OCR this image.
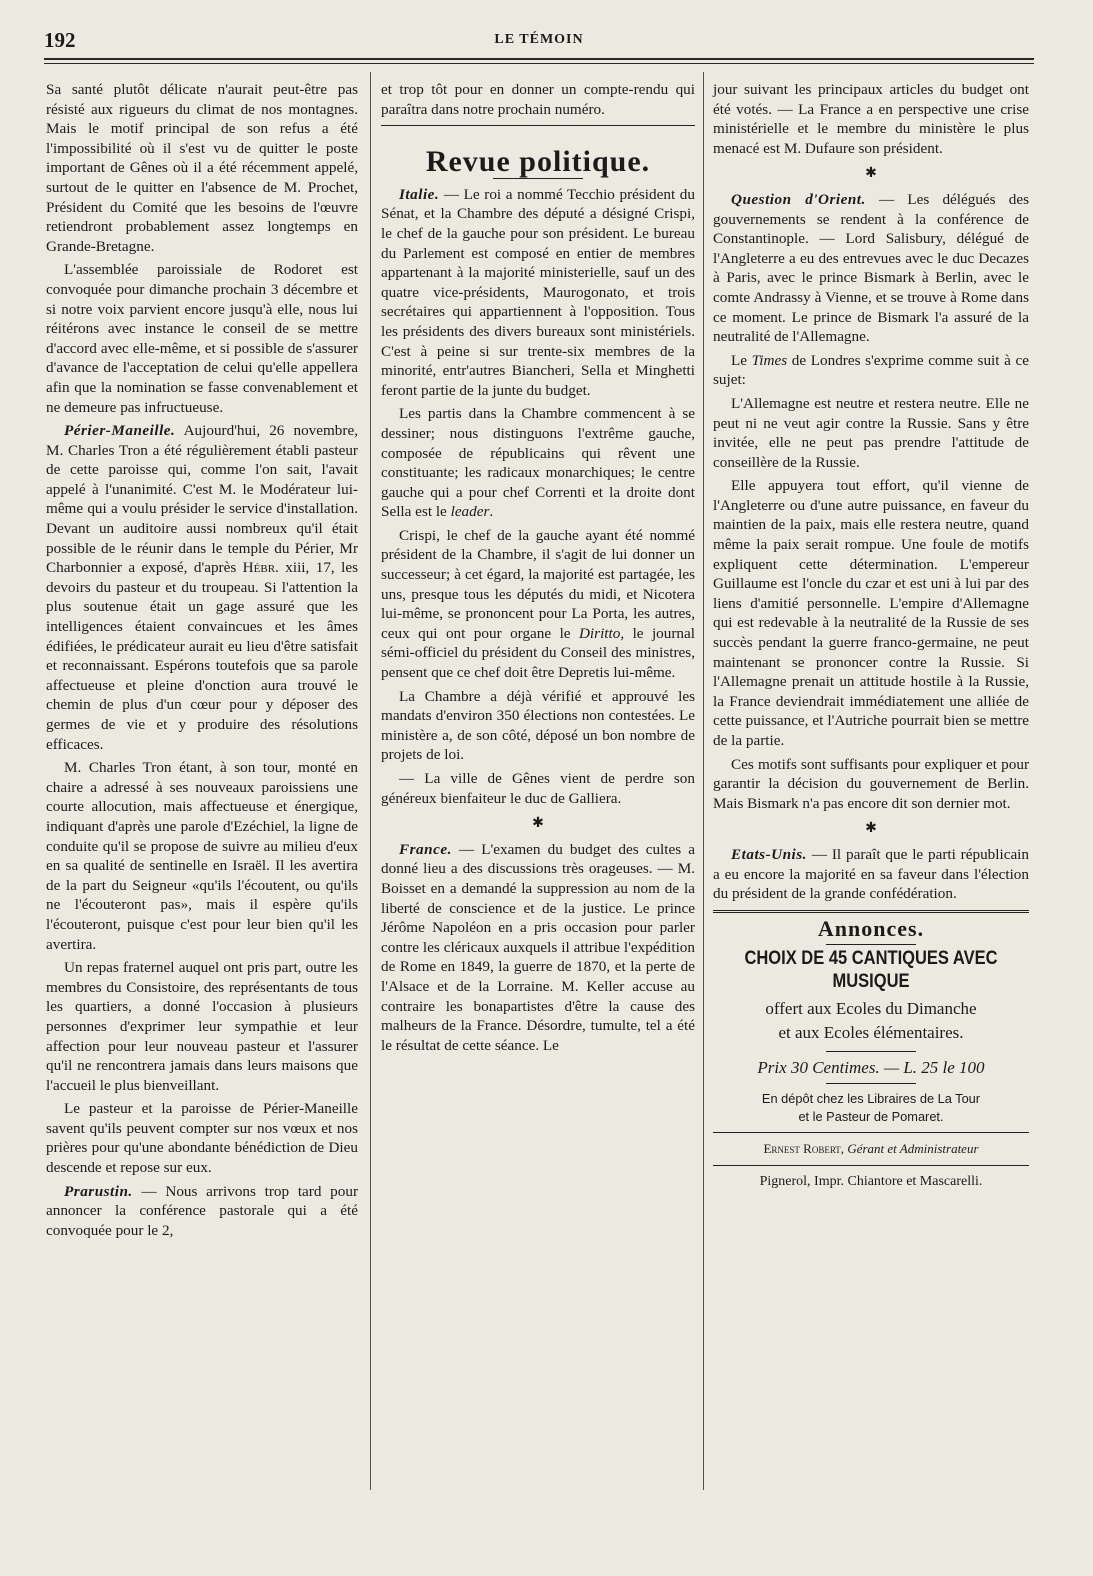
192	LE TÉMOIN

Sa santé plutôt délicate n'aurait peut-être pas résisté aux rigueurs du climat de nos montagnes. Mais le motif principal de son refus a été l'impossibilité où il s'est vu de quitter le poste important de Gênes où il a été récemment appelé, surtout de le quitter en l'absence de M. Prochet, Président du Comité que les besoins de l'œuvre retiendront probablement assez longtemps en Grande-Bretagne.

L'assemblée paroissiale de Rodoret est convoquée pour dimanche prochain 3 décembre et si notre voix parvient encore jusqu'à elle, nous lui réitérons avec instance le conseil de se mettre d'accord avec elle-même, et si possible de s'assurer d'avance de l'acceptation de celui qu'elle appellera afin que la nomination se fasse convenablement et ne demeure pas infructueuse.

Périer-Maneille. Aujourd'hui, 26 novembre, M. Charles Tron a été régulièrement établi pasteur de cette paroisse qui, comme l'on sait, l'avait appelé à l'unanimité. C'est M. le Modérateur lui-même qui a voulu présider le service d'installation. Devant un auditoire aussi nombreux qu'il était possible de le réunir dans le temple du Périer, Mr Charbonnier a exposé, d'après Hébr. xiii, 17, les devoirs du pasteur et du troupeau. Si l'attention la plus soutenue était un gage assuré que les intelligences étaient convaincues et les âmes édifiées, le prédicateur aurait eu lieu d'être satisfait et reconnaissant. Espérons toutefois que sa parole affectueuse et pleine d'onction aura trouvé le chemin de plus d'un cœur pour y déposer des germes de vie et y produire des résolutions efficaces.

M. Charles Tron étant, à son tour, monté en chaire a adressé à ses nouveaux paroissiens une courte allocution, mais affectueuse et énergique, indiquant d'après une parole d'Ezéchiel, la ligne de conduite qu'il se propose de suivre au milieu d'eux en sa qualité de sentinelle en Israël. Il les avertira de la part du Seigneur «qu'ils l'écoutent, ou qu'ils ne l'écouteront pas», mais il espère qu'ils l'écouteront, puisque c'est pour leur bien qu'il les avertira.

Un repas fraternel auquel ont pris part, outre les membres du Consistoire, des représentants de tous les quartiers, a donné l'occasion à plusieurs personnes d'exprimer leur sympathie et leur affection pour leur nouveau pasteur et l'assurer qu'il ne rencontrera jamais dans leurs maisons que l'accueil le plus bienveillant.

Le pasteur et la paroisse de Périer-Maneille savent qu'ils peuvent compter sur nos vœux et nos prières pour qu'une abondante bénédiction de Dieu descende et repose sur eux.

Prarustin. — Nous arrivons trop tard pour annoncer la conférence pastorale qui a été convoquée pour le 2,

et trop tôt pour en donner un compte-rendu qui paraîtra dans notre prochain numéro.

Revue politique.

Italie. — Le roi a nommé Tecchio président du Sénat, et la Chambre des député a désigné Crispi, le chef de la gauche pour son président. Le bureau du Parlement est composé en entier de membres appartenant à la majorité ministerielle, sauf un des quatre vice-présidents, Maurogonato, et trois secrétaires qui appartiennent à l'opposition. Tous les présidents des divers bureaux sont ministériels. C'est à peine si sur trente-six membres de la minorité, entr'autres Biancheri, Sella et Minghetti feront partie de la junte du budget.

Les partis dans la Chambre commencent à se dessiner; nous distinguons l'extrême gauche, composée de républicains qui rêvent une constituante; les radicaux monarchiques; le centre gauche qui a pour chef Correnti et la droite dont Sella est le leader.

Crispi, le chef de la gauche ayant été nommé président de la Chambre, il s'agit de lui donner un successeur; à cet égard, la majorité est partagée, les uns, presque tous les députés du midi, et Nicotera lui-même, se prononcent pour La Porta, les autres, ceux qui ont pour organe le Diritto, le journal sémi-officiel du président du Conseil des ministres, pensent que ce chef doit être Depretis lui-même.

La Chambre a déjà vérifié et approuvé les mandats d'environ 350 élections non contestées. Le ministère a, de son côté, déposé un bon nombre de projets de loi.

— La ville de Gênes vient de perdre son généreux bienfaiteur le duc de Galliera.

✱

France. — L'examen du budget des cultes a donné lieu a des discussions très orageuses. — M. Boisset en a demandé la suppression au nom de la liberté de conscience et de la justice. Le prince Jérôme Napoléon en a pris occasion pour parler contre les cléricaux auxquels il attribue l'expédition de Rome en 1849, la guerre de 1870, et la perte de l'Alsace et de la Lorraine. M. Keller accuse au contraire les bonapartistes d'être la cause des malheurs de la France. Désordre, tumulte, tel a été le résultat de cette séance. Le

jour suivant les principaux articles du budget ont été votés. — La France a en perspective une crise ministérielle et le membre du ministère le plus menacé est M. Dufaure son président.

✱

Question d'Orient. — Les délégués des gouvernements se rendent à la conférence de Constantinople. — Lord Salisbury, délégué de l'Angleterre a eu des entrevues avec le duc Decazes à Paris, avec le prince Bismark à Berlin, avec le comte Andrassy à Vienne, et se trouve à Rome dans ce moment. Le prince de Bismark l'a assuré de la neutralité de l'Allemagne.

Le Times de Londres s'exprime comme suit à ce sujet:

L'Allemagne est neutre et restera neutre. Elle ne peut ni ne veut agir contre la Russie. Sans y être invitée, elle ne peut pas prendre l'attitude de conseillère de la Russie.

Elle appuyera tout effort, qu'il vienne de l'Angleterre ou d'une autre puissance, en faveur du maintien de la paix, mais elle restera neutre, quand même la paix serait rompue. Une foule de motifs expliquent cette détermination. L'empereur Guillaume est l'oncle du czar et est uni à lui par des liens d'amitié personnelle. L'empire d'Allemagne qui est redevable à la neutralité de la Russie de ses succès pendant la guerre franco-germaine, ne peut maintenant se prononcer contre la Russie. Si l'Allemagne prenait un attitude hostile à la Russie, la France deviendrait immédiatement une alliée de cette puissance, et l'Autriche pourrait bien se mettre de la partie.

Ces motifs sont suffisants pour expliquer et pour garantir la décision du gouvernement de Berlin. Mais Bismark n'a pas encore dit son dernier mot.

✱

Etats-Unis. — Il paraît que le parti républicain a eu encore la majorité en sa faveur dans l'élection du président de la grande confédération.

Annonces.
CHOIX DE 45 CANTIQUES AVEC MUSIQUE
offert aux Ecoles du Dimanche
et aux Ecoles élémentaires.
Prix 30 Centimes. — L. 25 le 100
En dépôt chez les Libraires de La Tour
et le Pasteur de Pomaret.
Ernest Robert, Gérant et Administrateur
Pignerol, Impr. Chiantore et Mascarelli.
